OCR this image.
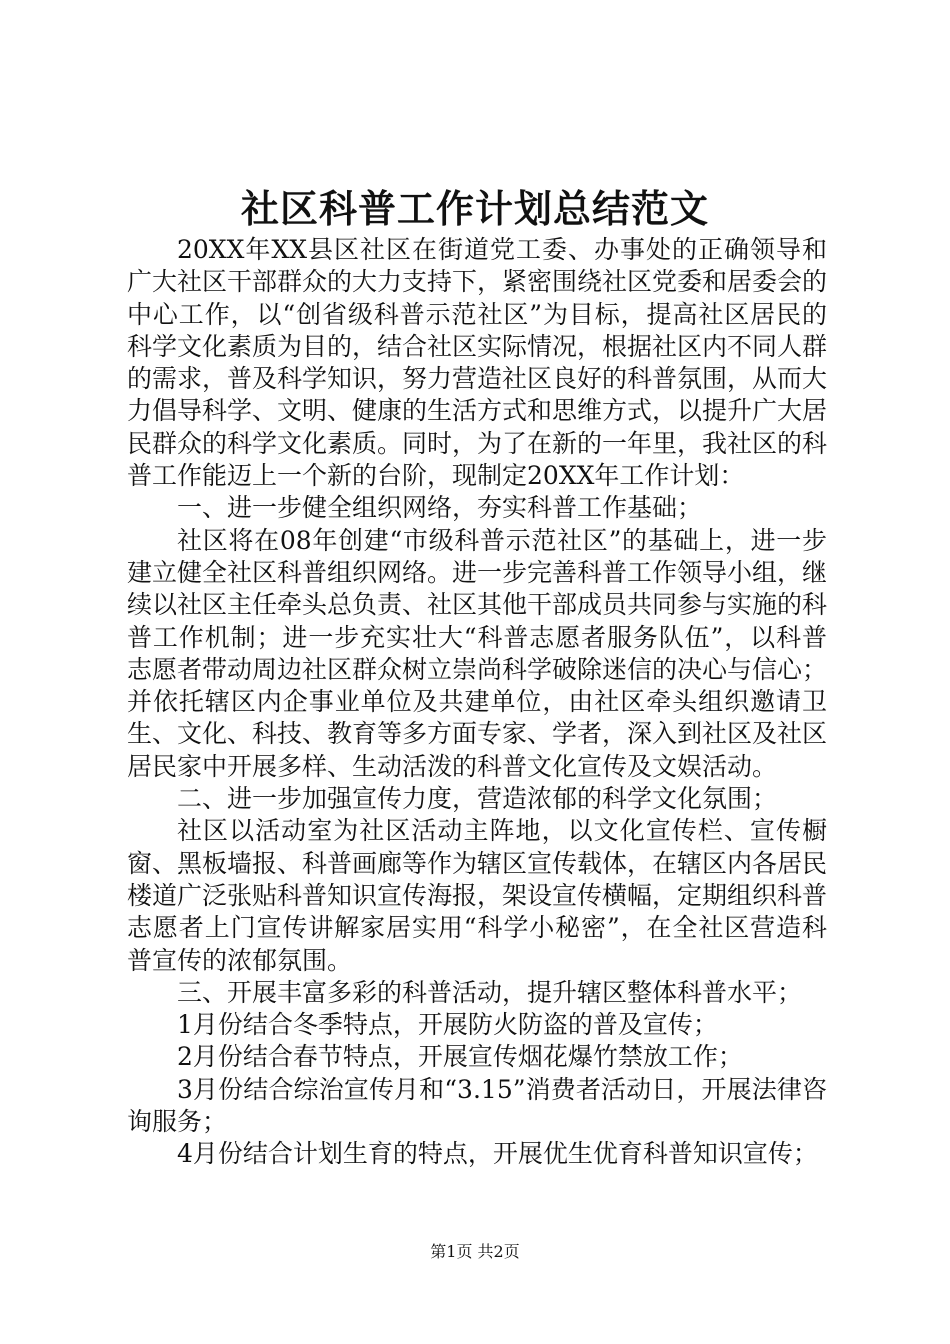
社区科普工作计划总结范文

20XX年XX县区社区在街道党工委、办事处的正确领导和广大社区干部群众的大力支持下，紧密围绕社区党委和居委会的中心工作，以“创省级科普示范社区”为目标，提高社区居民的科学文化素质为目的，结合社区实际情况，根据社区内不同人群的需求，普及科学知识，努力营造社区良好的科普氛围，从而大力倡导科学、文明、健康的生活方式和思维方式，以提升广大居民群众的科学文化素质。同时，为了在新的一年里，我社区的科普工作能迈上一个新的台阶，现制定20XX年工作计划：

一、进一步健全组织网络，夯实科普工作基础；

社区将在08年创建“市级科普示范社区”的基础上，进一步建立健全社区科普组织网络。进一步完善科普工作领导小组，继续以社区主任牵头总负责、社区其他干部成员共同参与实施的科普工作机制；进一步充实壮大“科普志愿者服务队伍”，以科普志愿者带动周边社区群众树立崇尚科学破除迷信的决心与信心；并依托辖区内企事业单位及共建单位，由社区牵头组织邀请卫生、文化、科技、教育等多方面专家、学者，深入到社区及社区居民家中开展多样、生动活泼的科普文化宣传及文娱活动。

二、进一步加强宣传力度，营造浓郁的科学文化氛围；

社区以活动室为社区活动主阵地，以文化宣传栏、宣传橱窗、黑板墙报、科普画廊等作为辖区宣传载体，在辖区内各居民楼道广泛张贴科普知识宣传海报，架设宣传横幅，定期组织科普志愿者上门宣传讲解家居实用“科学小秘密”，在全社区营造科普宣传的浓郁氛围。

三、开展丰富多彩的科普活动，提升辖区整体科普水平；

1月份结合冬季特点，开展防火防盗的普及宣传；

2月份结合春节特点，开展宣传烟花爆竹禁放工作；

3月份结合综治宣传月和“3.15”消费者活动日，开展法律咨询服务；

4月份结合计划生育的特点，开展优生优育科普知识宣传；

第1页 共2页
